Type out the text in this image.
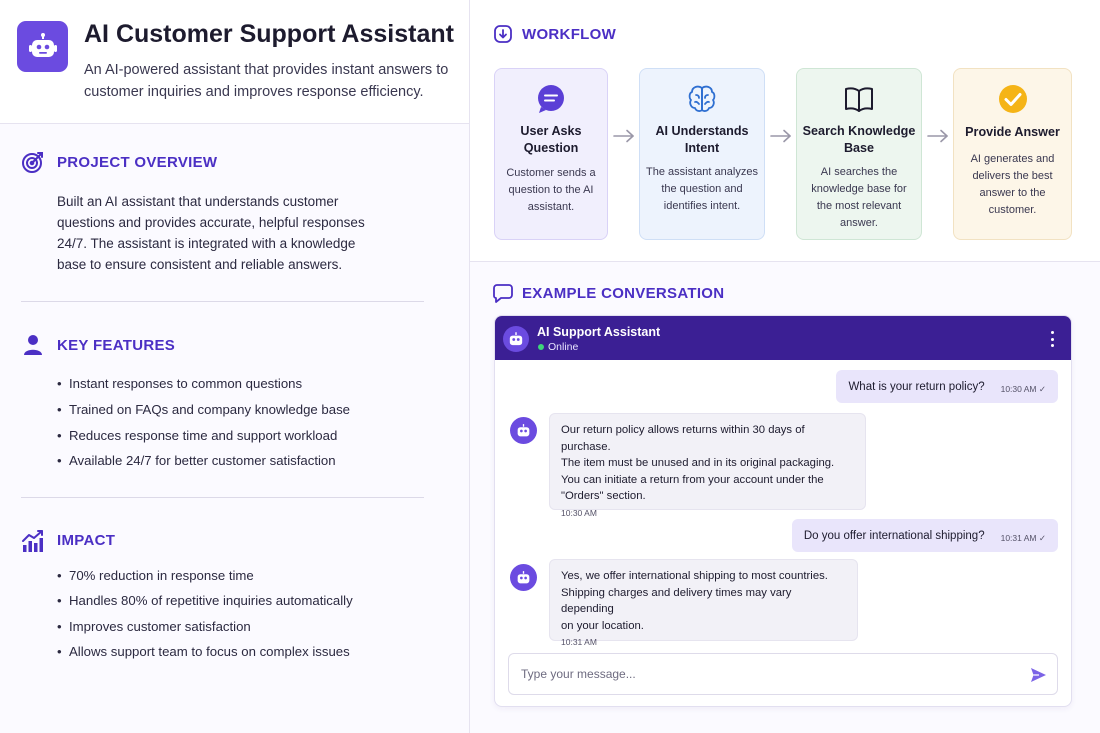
AI Customer Support Assistant
An AI-powered assistant that provides instant answers to customer inquiries and improves response efficiency.
PROJECT OVERVIEW
Built an AI assistant that understands customer questions and provides accurate, helpful responses 24/7. The assistant is integrated with a knowledge base to ensure consistent and reliable answers.
KEY FEATURES
• Instant responses to common questions
• Trained on FAQs and company knowledge base
• Reduces response time and support workload
• Available 24/7 for better customer satisfaction
IMPACT
• 70% reduction in response time
• Handles 80% of repetitive inquiries automatically
• Improves customer satisfaction
• Allows support team to focus on complex issues
WORKFLOW
User Asks Question
Customer sends a question to the AI assistant.
AI Understands Intent
The assistant analyzes the question and identifies intent.
Search Knowledge Base
AI searches the knowledge base for the most relevant answer.
Provide Answer
AI generates and delivers the best answer to the customer.
EXAMPLE CONVERSATION
AI Support Assistant
Online
What is your return policy? 10:30 AM ✓
Our return policy allows returns within 30 days of purchase.
The item must be unused and in its original packaging.
You can initiate a return from your account under the
"Orders" section.
10:30 AM
Do you offer international shipping? 10:31 AM ✓
Yes, we offer international shipping to most countries.
Shipping charges and delivery times may vary depending
on your location.
10:31 AM
Type your message...
